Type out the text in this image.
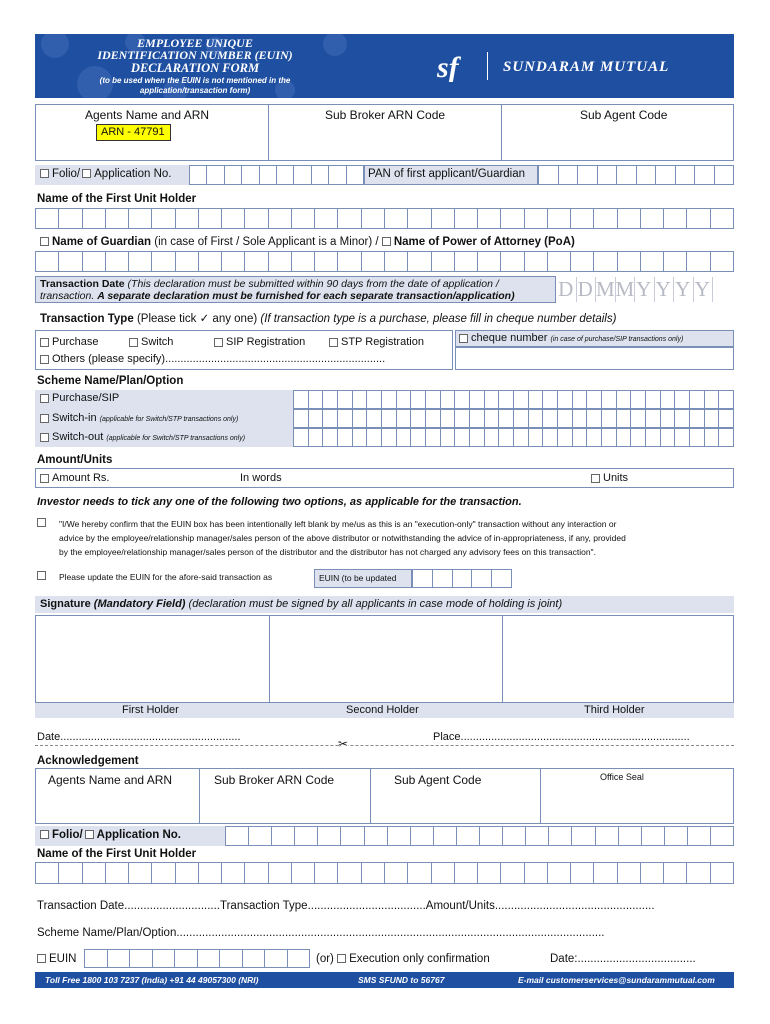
EMPLOYEE UNIQUE
IDENTIFICATION NUMBER (EUIN)
DECLARATION FORM
(to be used when the EUIN is not mentioned in the
application/transaction form)
sf	SUNDARAM MUTUAL
Agents Name and ARN
ARN - 47791
Sub Broker ARN Code	Sub Agent Code
Folio/ Application No.	PAN of first applicant/Guardian
Name of the First Unit Holder
Name of Guardian (in case of First / Sole Applicant is a Minor) / Name of Power of Attorney (PoA)
Transaction Date (This declaration must be submitted within 90 days from the date of application /
transaction. A separate declaration must be furnished for each separate transaction/application) D D M M Y Y Y Y
Transaction Type (Please tick ✓ any one) (If transaction type is a purchase, please fill in cheque number details)
Purchase	Switch	SIP Registration	STP Registration
Others (please specify)........................................................................
cheque number (in case of purchase/SIP transactions only)
Scheme Name/Plan/Option
Purchase/SIP
Switch-in (applicable for Switch/STP transactions only)
Switch-out (applicable for Switch/STP transactions only)
Amount/Units
Amount Rs.	In words	Units
Investor needs to tick any one of the following two options, as applicable for the transaction.
"I/We hereby confirm that the EUIN box has been intentionally left blank by me/us as this is an "execution-only" transaction without any interaction or
advice by the employee/relationship manager/sales person of the above distributor or notwithstanding the advice of in-appropriateness, if any, provided
by the employee/relationship manager/sales person of the distributor and the distributor has not charged any advisory fees on this transaction".
Please update the EUIN for the afore-said transaction as	EUIN (to be updated
Signature (Mandatory Field) (declaration must be signed by all applicants in case mode of holding is joint)
First Holder	Second Holder	Third Holder
Date...........................................................	Place...........................................................................
✂
Acknowledgement
Agents Name and ARN	Sub Broker ARN Code	Sub Agent Code	Office Seal
Folio/ Application No.
Name of the First Unit Holder
Transaction Date..............................Transaction Type.....................................Amount/Units..................................................
Scheme Name/Plan/Option......................................................................................................................................
EUIN	(or) Execution only confirmation	Date:.....................................
Toll Free 1800 103 7237 (India) +91 44 49057300 (NRI)	SMS SFUND to 56767	E-mail customerservices@sundarammutual.com
